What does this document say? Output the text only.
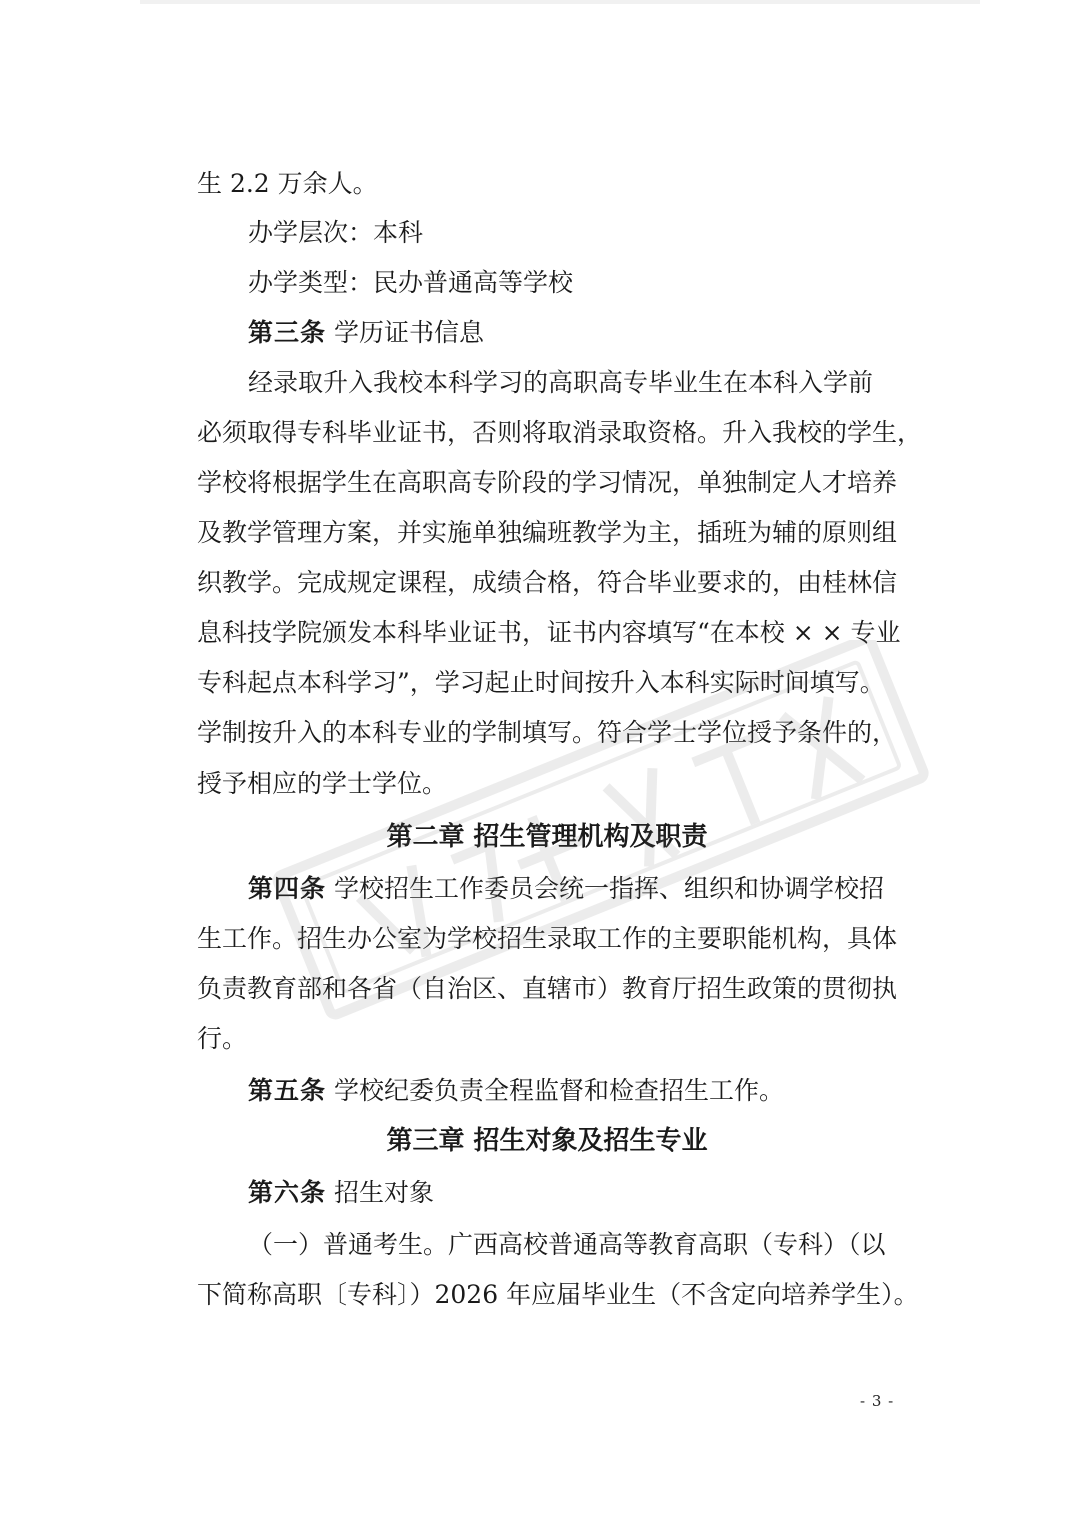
生 2.2 万余人。
办学层次：本科
办学类型：民办普通高等学校
第三条 学历证书信息
经录取升入我校本科学习的高职高专毕业生在本科入学前
必须取得专科毕业证书，否则将取消录取资格。升入我校的学生，
学校将根据学生在高职高专阶段的学习情况，单独制定人才培养
及教学管理方案，并实施单独编班教学为主，插班为辅的原则组
织教学。完成规定课程，成绩合格，符合毕业要求的，由桂林信
息科技学院颁发本科毕业证书，证书内容填写“在本校 × × 专业
专科起点本科学习”，学习起止时间按升入本科实际时间填写。
学制按升入的本科专业的学制填写。符合学士学位授予条件的，
授予相应的学士学位。
第二章 招生管理机构及职责
第四条 学校招生工作委员会统一指挥、组织和协调学校招
生工作。招生办公室为学校招生录取工作的主要职能机构，具体
负责教育部和各省（自治区、直辖市）教育厅招生政策的贯彻执
行。
第五条 学校纪委负责全程监督和检查招生工作。
第三章 招生对象及招生专业
第六条 招生对象
（一）普通考生。广西高校普通高等教育高职（专科）（以
下简称高职〔专科〕）2026 年应届毕业生（不含定向培养学生）。
- 3 -
